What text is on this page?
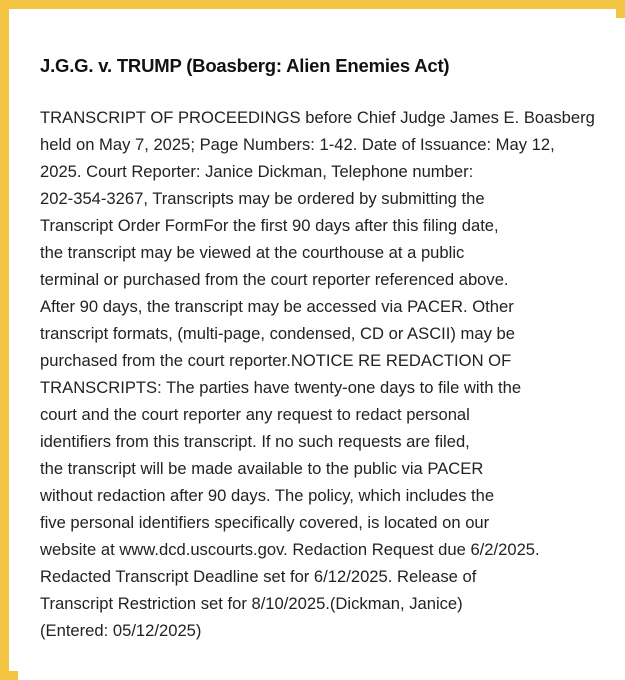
J.G.G. v. TRUMP (Boasberg: Alien Enemies Act)

TRANSCRIPT OF PROCEEDINGS before Chief Judge James E. Boasberg
held on May 7, 2025; Page Numbers: 1-42. Date of Issuance: May 12,
2025. Court Reporter: Janice Dickman, Telephone number:
202-354-3267, Transcripts may be ordered by submitting the
Transcript Order FormFor the first 90 days after this filing date,
the transcript may be viewed at the courthouse at a public
terminal or purchased from the court reporter referenced above.
After 90 days, the transcript may be accessed via PACER. Other
transcript formats, (multi-page, condensed, CD or ASCII) may be
purchased from the court reporter.NOTICE RE REDACTION OF
TRANSCRIPTS: The parties have twenty-one days to file with the
court and the court reporter any request to redact personal
identifiers from this transcript. If no such requests are filed,
the transcript will be made available to the public via PACER
without redaction after 90 days. The policy, which includes the
five personal identifiers specifically covered, is located on our
website at www.dcd.uscourts.gov. Redaction Request due 6/2/2025.
Redacted Transcript Deadline set for 6/12/2025. Release of
Transcript Restriction set for 8/10/2025.(Dickman, Janice)
(Entered: 05/12/2025)
